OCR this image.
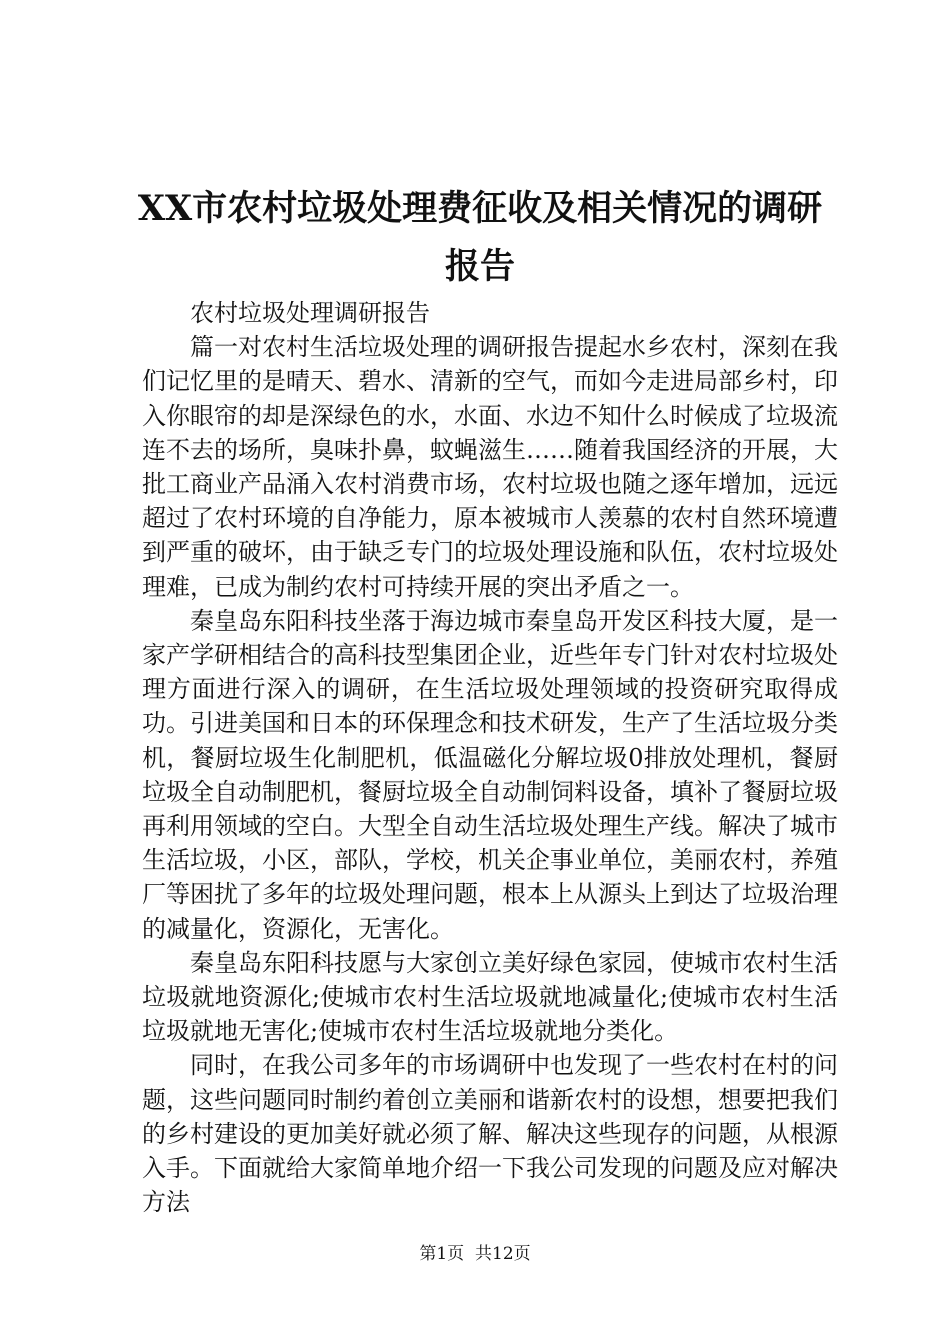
XX市农村垃圾处理费征收及相关情况的调研
报告

农村垃圾处理调研报告

篇一对农村生活垃圾处理的调研报告提起水乡农村，深刻在我们记忆里的是晴天、碧水、清新的空气，而如今走进局部乡村，印入你眼帘的却是深绿色的水，水面、水边不知什么时候成了垃圾流连不去的场所，臭味扑鼻，蚊蝇滋生……随着我国经济的开展，大批工商业产品涌入农村消费市场，农村垃圾也随之逐年增加，远远超过了农村环境的自净能力，原本被城市人羡慕的农村自然环境遭到严重的破坏，由于缺乏专门的垃圾处理设施和队伍，农村垃圾处理难，已成为制约农村可持续开展的突出矛盾之一。

秦皇岛东阳科技坐落于海边城市秦皇岛开发区科技大厦，是一家产学研相结合的高科技型集团企业，近些年专门针对农村垃圾处理方面进行深入的调研，在生活垃圾处理领域的投资研究取得成功。引进美国和日本的环保理念和技术研发，生产了生活垃圾分类机，餐厨垃圾生化制肥机，低温磁化分解垃圾0排放处理机，餐厨垃圾全自动制肥机，餐厨垃圾全自动制饲料设备，填补了餐厨垃圾再利用领域的空白。大型全自动生活垃圾处理生产线。解决了城市生活垃圾，小区，部队，学校，机关企事业单位，美丽农村，养殖厂等困扰了多年的垃圾处理问题，根本上从源头上到达了垃圾治理的减量化，资源化，无害化。

秦皇岛东阳科技愿与大家创立美好绿色家园，使城市农村生活垃圾就地资源化;使城市农村生活垃圾就地减量化;使城市农村生活垃圾就地无害化;使城市农村生活垃圾就地分类化。

同时，在我公司多年的市场调研中也发现了一些农村在村的问题，这些问题同时制约着创立美丽和谐新农村的设想，想要把我们的乡村建设的更加美好就必须了解、解决这些现存的问题，从根源入手。下面就给大家简单地介绍一下我公司发现的问题及应对解决方法

第1页 共12页
